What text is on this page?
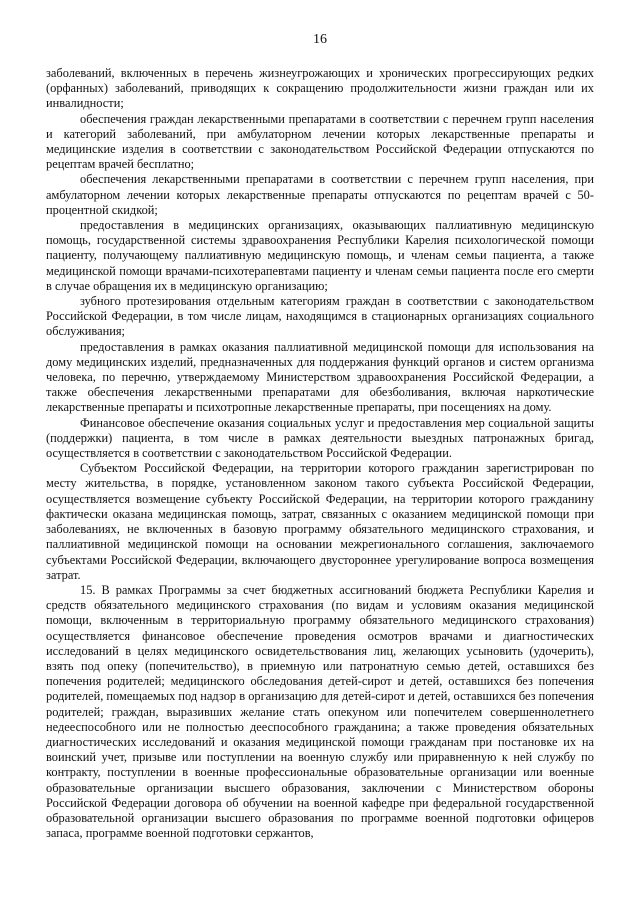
16

заболеваний, включенных в перечень жизнеугрожающих и хронических прогрессирующих редких (орфанных) заболеваний, приводящих к сокращению продолжительности жизни граждан или их инвалидности;

обеспечения граждан лекарственными препаратами в соответствии с перечнем групп населения и категорий заболеваний, при амбулаторном лечении которых лекарственные препараты и медицинские изделия в соответствии с законодательством Российской Федерации отпускаются по рецептам врачей бесплатно;

обеспечения лекарственными препаратами в соответствии с перечнем групп населения, при амбулаторном лечении которых лекарственные препараты отпускаются по рецептам врачей с 50-процентной скидкой;

предоставления в медицинских организациях, оказывающих паллиативную медицинскую помощь, государственной системы здравоохранения Республики Карелия психологической помощи пациенту, получающему паллиативную медицинскую помощь, и членам семьи пациента, а также медицинской помощи врачами-психотерапевтами пациенту и членам семьи пациента после его смерти в случае обращения их в медицинскую организацию;

зубного протезирования отдельным категориям граждан в соответствии с законодательством Российской Федерации, в том числе лицам, находящимся в стационарных организациях социального обслуживания;

предоставления в рамках оказания паллиативной медицинской помощи для использования на дому медицинских изделий, предназначенных для поддержания функций органов и систем организма человека, по перечню, утверждаемому Министерством здравоохранения Российской Федерации, а также обеспечения лекарственными препаратами для обезболивания, включая наркотические лекарственные препараты и психотропные лекарственные препараты, при посещениях на дому.

Финансовое обеспечение оказания социальных услуг и предоставления мер социальной защиты (поддержки) пациента, в том числе в рамках деятельности выездных патронажных бригад, осуществляется в соответствии с законодательством Российской Федерации.

Субъектом Российской Федерации, на территории которого гражданин зарегистрирован по месту жительства, в порядке, установленном законом такого субъекта Российской Федерации, осуществляется возмещение субъекту Российской Федерации, на территории которого гражданину фактически оказана медицинская помощь, затрат, связанных с оказанием медицинской помощи при заболеваниях, не включенных в базовую программу обязательного медицинского страхования, и паллиативной медицинской помощи на основании межрегионального соглашения, заключаемого субъектами Российской Федерации, включающего двустороннее урегулирование вопроса возмещения затрат.

15. В рамках Программы за счет бюджетных ассигнований бюджета Республики Карелия и средств обязательного медицинского страхования (по видам и условиям оказания медицинской помощи, включенным в территориальную программу обязательного медицинского страхования) осуществляется финансовое обеспечение проведения осмотров врачами и диагностических исследований в целях медицинского освидетельствования лиц, желающих усыновить (удочерить), взять под опеку (попечительство), в приемную или патронатную семью детей, оставшихся без попечения родителей; медицинского обследования детей-сирот и детей, оставшихся без попечения родителей, помещаемых под надзор в организацию для детей-сирот и детей, оставшихся без попечения родителей; граждан, выразивших желание стать опекуном или попечителем совершеннолетнего недееспособного или не полностью дееспособного гражданина; а также проведения обязательных диагностических исследований и оказания медицинской помощи гражданам при постановке их на воинский учет, призыве или поступлении на военную службу или приравненную к ней службу по контракту, поступлении в военные профессиональные образовательные организации или военные образовательные организации высшего образования, заключении с Министерством обороны Российской Федерации договора об обучении на военной кафедре при федеральной государственной образовательной организации высшего образования по программе военной подготовки офицеров запаса, программе военной подготовки сержантов,
